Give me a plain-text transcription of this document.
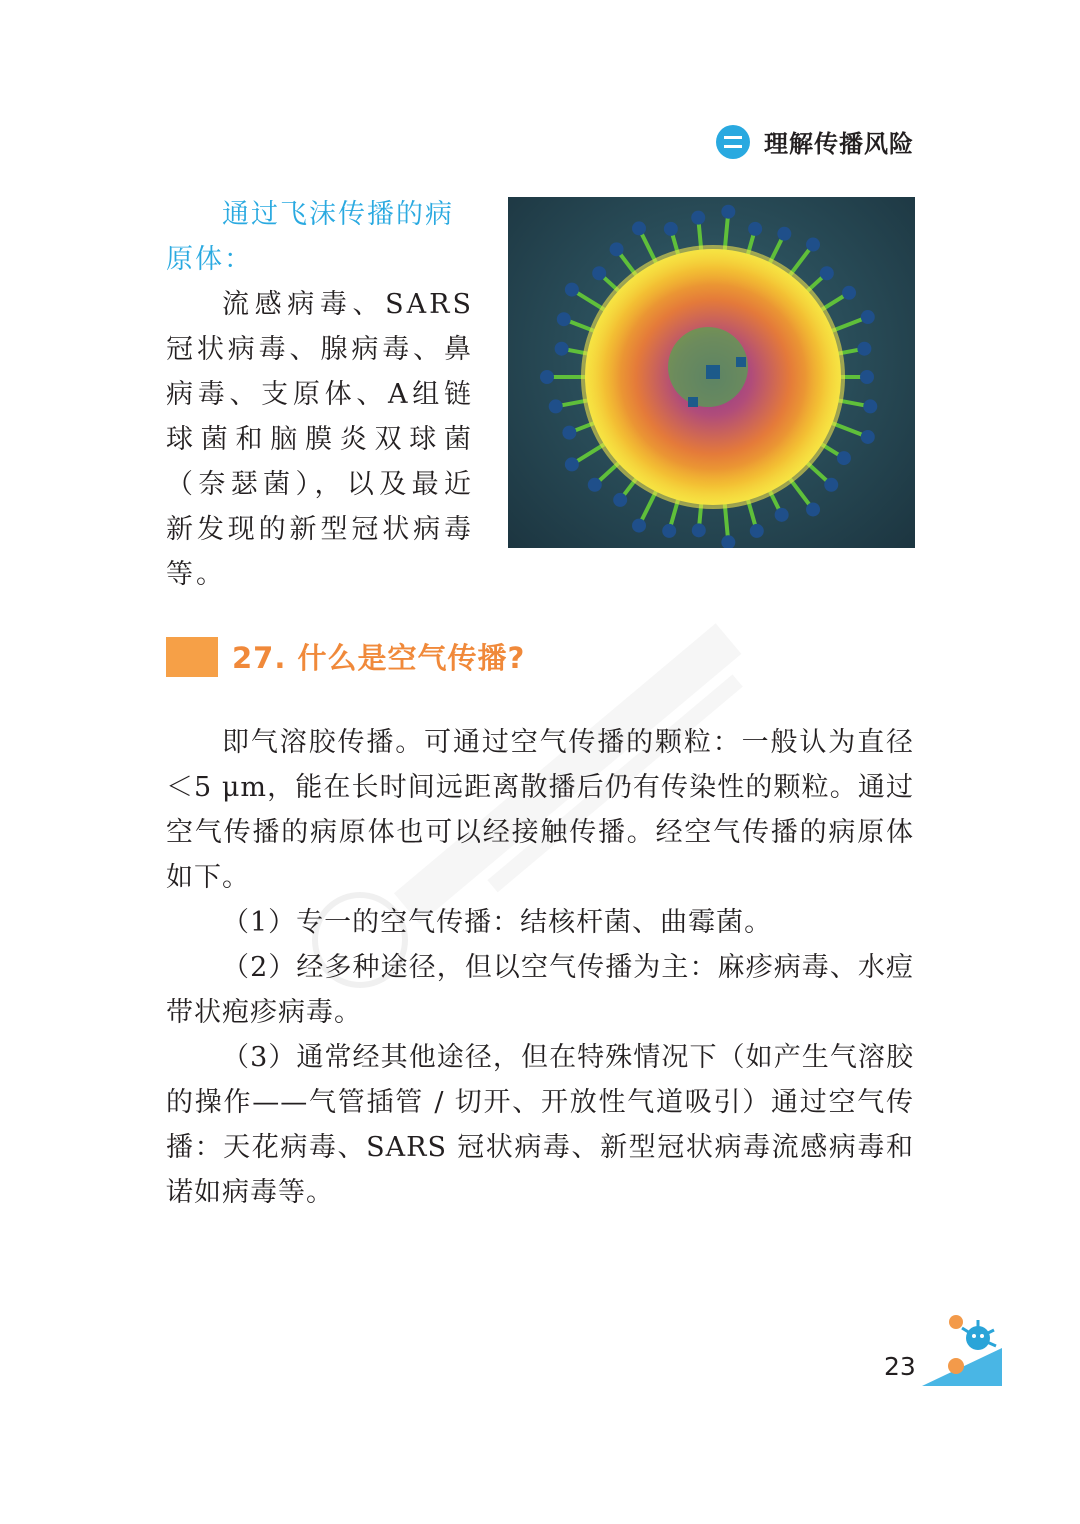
理解传播风险
通过飞沫传播的病原体：
流感病毒、SARS冠状病毒、腺病毒、鼻病毒、支原体、A组链球菌和脑膜炎双球菌（奈瑟菌），以及最近新发现的新型冠状病毒等。
27. 什么是空气传播?

即气溶胶传播。可通过空气传播的颗粒：一般认为直径＜5 μm，能在长时间远距离散播后仍有传染性的颗粒。通过空气传播的病原体也可以经接触传播。经空气传播的病原体如下。

（1）专一的空气传播：结核杆菌、曲霉菌。

（2）经多种途径，但以空气传播为主：麻疹病毒、水痘带状疱疹病毒。

（3）通常经其他途径，但在特殊情况下（如产生气溶胶的操作——气管插管 / 切开、开放性气道吸引）通过空气传播：天花病毒、SARS 冠状病毒、新型冠状病毒流感病毒和诺如病毒等。

23
